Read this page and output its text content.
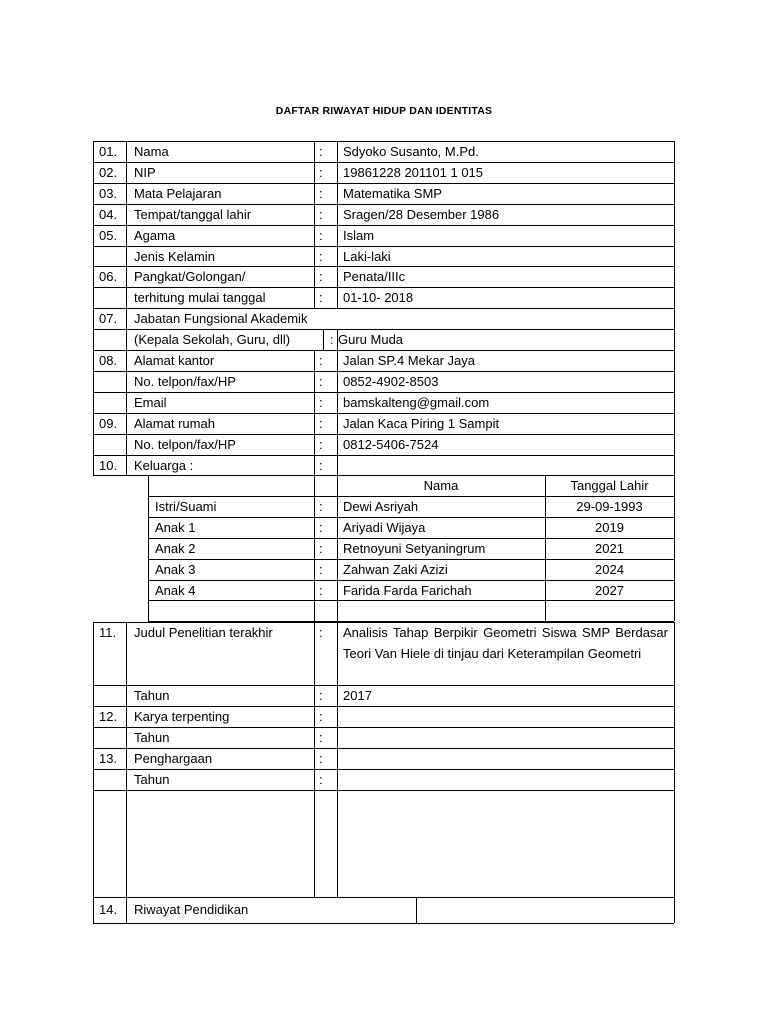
DAFTAR RIWAYAT HIDUP DAN IDENTITAS
01. Nama	: Sdyoko Susanto, M.Pd.
02. NIP	: 19861228 201101 1 015
03. Mata Pelajaran	: Matematika SMP
04. Tempat/tanggal lahir	: Sragen/28 Desember 1986
05. Agama	: Islam
Jenis Kelamin	: Laki-laki
06. Pangkat/Golongan/	: Penata/IIIc
terhitung mulai tanggal	: 01-10- 2018
07. Jabatan Fungsional Akademik
(Kepala Sekolah, Guru, dll)	: Guru Muda
08. Alamat kantor	: Jalan SP.4 Mekar Jaya
No. telpon/fax/HP	: 0852-4902-8503
Email	: bamskalteng@gmail.com
09. Alamat rumah	: Jalan Kaca Piring 1 Sampit
No. telpon/fax/HP	: 0812-5406-7524
10. Keluarga :	:
Nama	Tanggal Lahir
Istri/Suami	: Dewi Asriyah	29-09-1993
Anak 1	: Ariyadi Wijaya	2019
Anak 2	: Retnoyuni Setyaningrum	2021
Anak 3	: Zahwan Zaki Azizi	2024
Anak 4	: Farida Farda Farichah	2027
11. Judul Penelitian terakhir	: Analisis Tahap Berpikir Geometri Siswa SMP Berdasar Teori Van Hiele di tinjau dari Keterampilan Geometri
Tahun	: 2017
12. Karya terpenting	:
Tahun	:
13. Penghargaan	:
Tahun	:
14. Riwayat Pendidikan
